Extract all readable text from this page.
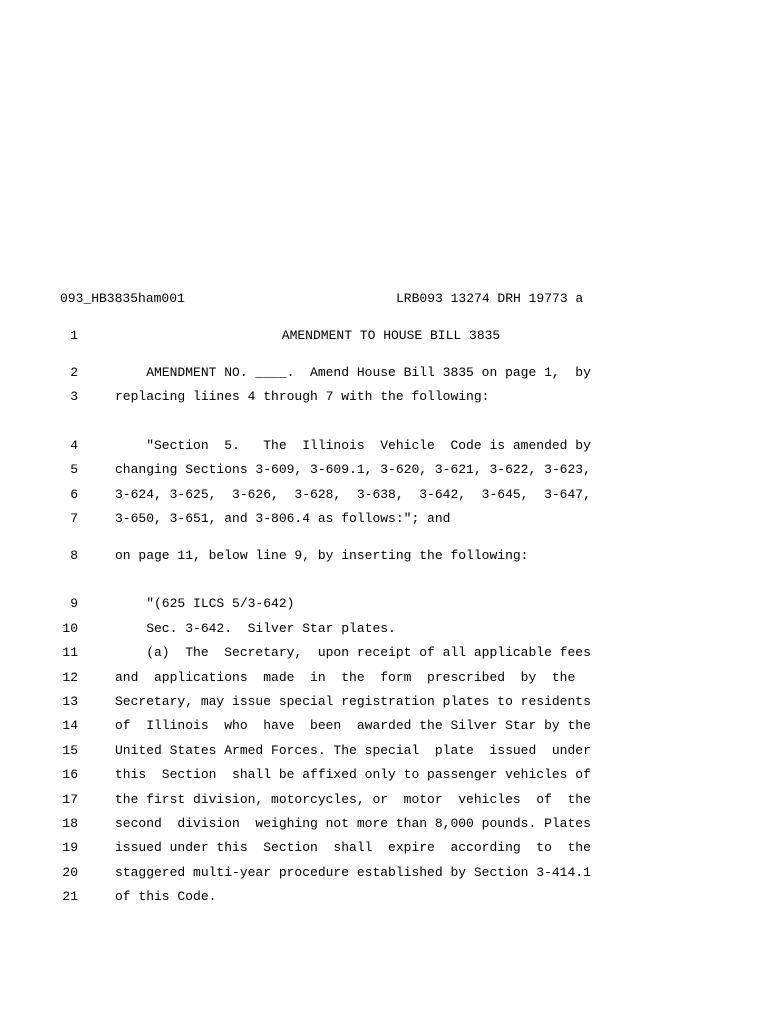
093_HB3835ham001	LRB093 13274 DRH 19773 a
1	AMENDMENT TO HOUSE BILL 3835
2	AMENDMENT NO. ____.  Amend House Bill 3835 on page 1,  by
3	replacing liines 4 through 7 with the following:
4	"Section  5.   The  Illinois  Vehicle  Code is amended by
5	changing Sections 3-609, 3-609.1, 3-620, 3-621, 3-622, 3-623,
6	3-624, 3-625,  3-626,  3-628,  3-638,  3-642,  3-645,  3-647,
7	3-650, 3-651, and 3-806.4 as follows:"; and
8	on page 11, below line 9, by inserting the following:
9	"(625 ILCS 5/3-642)
10	Sec. 3-642.  Silver Star plates.
11	(a)  The  Secretary,  upon receipt of all applicable fees
12	and  applications  made  in  the  form  prescribed  by  the
13	Secretary, may issue special registration plates to residents
14	of  Illinois  who  have  been  awarded the Silver Star by the
15	United States Armed Forces. The special  plate  issued  under
16	this  Section  shall be affixed only to passenger vehicles of
17	the first division, motorcycles, or  motor  vehicles  of  the
18	second  division  weighing not more than 8,000 pounds. Plates
19	issued under this  Section  shall  expire  according  to  the
20	staggered multi-year procedure established by Section 3-414.1
21	of this Code.
